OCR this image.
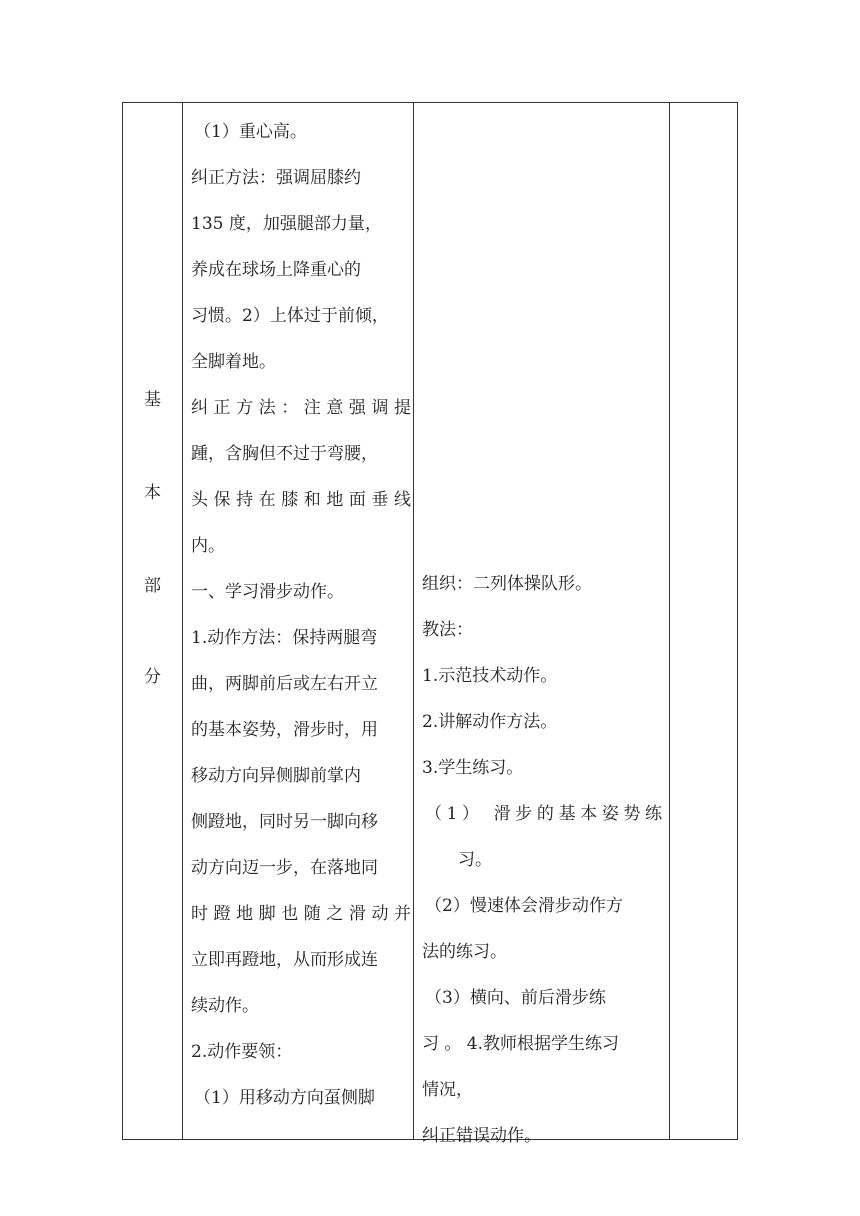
基
本
部
分
（1）重心高。
纠正方法：强调屈膝约
135 度，加强腿部力量，
养成在球场上降重心的
习惯。2）上体过于前倾，
全脚着地。
纠正方法：注意强调提
踵，含胸但不过于弯腰，
头保持在膝和地面垂线
内。
一、学习滑步动作。
1.动作方法：保持两腿弯
曲，两脚前后或左右开立
的基本姿势，滑步时，用
移动方向异侧脚前掌内
侧蹬地，同时另一脚向移
动方向迈一步，在落地同
时蹬地脚也随之滑动并
立即再蹬地，从而形成连
续动作。
2.动作要领：
（1）用移动方向虿侧脚
组织：二列体操队形。
教法：
1.示范技术动作。
2.讲解动作方法。
3.学生练习。
（1） 滑步的基本姿势练
习。
（2）慢速体会滑步动作方
法的练习。
（3）横向、前后滑步练
习 。 4.教师根据学生练习
情况，
纠正错误动作。
